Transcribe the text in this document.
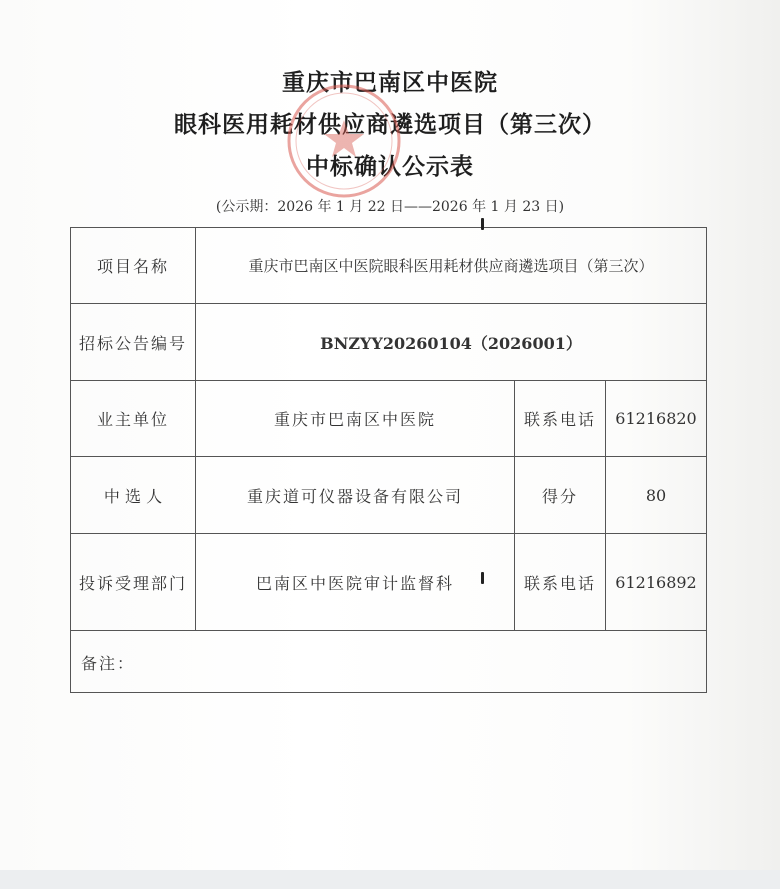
重庆市巴南区中医院
眼科医用耗材供应商遴选项目（第三次）
中标确认公示表
(公示期：2026 年 1 月 22 日——2026 年 1 月 23 日)
项目名称	重庆市巴南区中医院眼科医用耗材供应商遴选项目（第三次）		
招标公告编号	BNZYY20260104（2026001）		
业主单位	重庆市巴南区中医院	联系电话	61216820
中 选 人	重庆道可仪器设备有限公司	得分	80
投诉受理部门	巴南区中医院审计监督科	联系电话	61216892
备注：			
